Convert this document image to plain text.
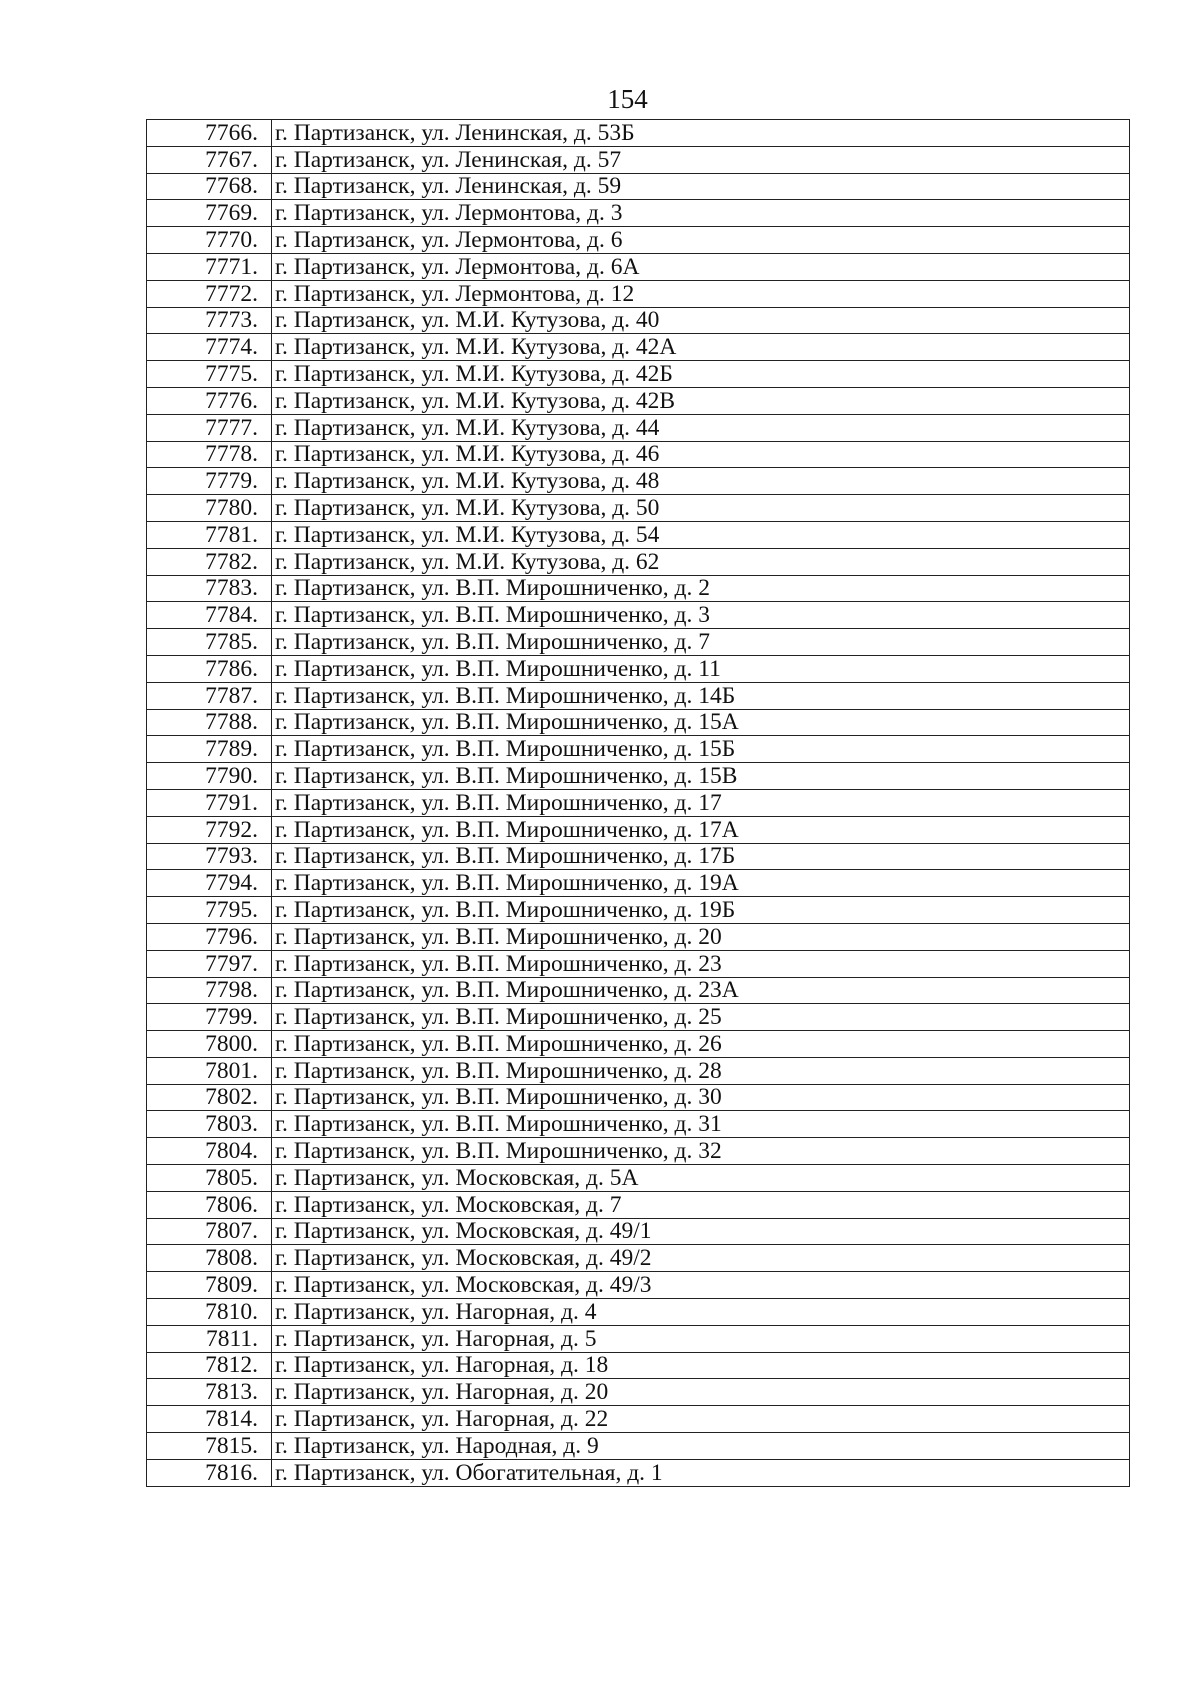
154
7766.	г. Партизанск, ул. Ленинская, д. 53Б
7767.	г. Партизанск, ул. Ленинская, д. 57
7768.	г. Партизанск, ул. Ленинская, д. 59
7769.	г. Партизанск, ул. Лермонтова, д. 3
7770.	г. Партизанск, ул. Лермонтова, д. 6
7771.	г. Партизанск, ул. Лермонтова, д. 6А
7772.	г. Партизанск, ул. Лермонтова, д. 12
7773.	г. Партизанск, ул. М.И. Кутузова, д. 40
7774.	г. Партизанск, ул. М.И. Кутузова, д. 42А
7775.	г. Партизанск, ул. М.И. Кутузова, д. 42Б
7776.	г. Партизанск, ул. М.И. Кутузова, д. 42В
7777.	г. Партизанск, ул. М.И. Кутузова, д. 44
7778.	г. Партизанск, ул. М.И. Кутузова, д. 46
7779.	г. Партизанск, ул. М.И. Кутузова, д. 48
7780.	г. Партизанск, ул. М.И. Кутузова, д. 50
7781.	г. Партизанск, ул. М.И. Кутузова, д. 54
7782.	г. Партизанск, ул. М.И. Кутузова, д. 62
7783.	г. Партизанск, ул. В.П. Мирошниченко, д. 2
7784.	г. Партизанск, ул. В.П. Мирошниченко, д. 3
7785.	г. Партизанск, ул. В.П. Мирошниченко, д. 7
7786.	г. Партизанск, ул. В.П. Мирошниченко, д. 11
7787.	г. Партизанск, ул. В.П. Мирошниченко, д. 14Б
7788.	г. Партизанск, ул. В.П. Мирошниченко, д. 15А
7789.	г. Партизанск, ул. В.П. Мирошниченко, д. 15Б
7790.	г. Партизанск, ул. В.П. Мирошниченко, д. 15В
7791.	г. Партизанск, ул. В.П. Мирошниченко, д. 17
7792.	г. Партизанск, ул. В.П. Мирошниченко, д. 17А
7793.	г. Партизанск, ул. В.П. Мирошниченко, д. 17Б
7794.	г. Партизанск, ул. В.П. Мирошниченко, д. 19А
7795.	г. Партизанск, ул. В.П. Мирошниченко, д. 19Б
7796.	г. Партизанск, ул. В.П. Мирошниченко, д. 20
7797.	г. Партизанск, ул. В.П. Мирошниченко, д. 23
7798.	г. Партизанск, ул. В.П. Мирошниченко, д. 23А
7799.	г. Партизанск, ул. В.П. Мирошниченко, д. 25
7800.	г. Партизанск, ул. В.П. Мирошниченко, д. 26
7801.	г. Партизанск, ул. В.П. Мирошниченко, д. 28
7802.	г. Партизанск, ул. В.П. Мирошниченко, д. 30
7803.	г. Партизанск, ул. В.П. Мирошниченко, д. 31
7804.	г. Партизанск, ул. В.П. Мирошниченко, д. 32
7805.	г. Партизанск, ул. Московская, д. 5А
7806.	г. Партизанск, ул. Московская, д. 7
7807.	г. Партизанск, ул. Московская, д. 49/1
7808.	г. Партизанск, ул. Московская, д. 49/2
7809.	г. Партизанск, ул. Московская, д. 49/3
7810.	г. Партизанск, ул. Нагорная, д. 4
7811.	г. Партизанск, ул. Нагорная, д. 5
7812.	г. Партизанск, ул. Нагорная, д. 18
7813.	г. Партизанск, ул. Нагорная, д. 20
7814.	г. Партизанск, ул. Нагорная, д. 22
7815.	г. Партизанск, ул. Народная, д. 9
7816.	г. Партизанск, ул. Обогатительная, д. 1
